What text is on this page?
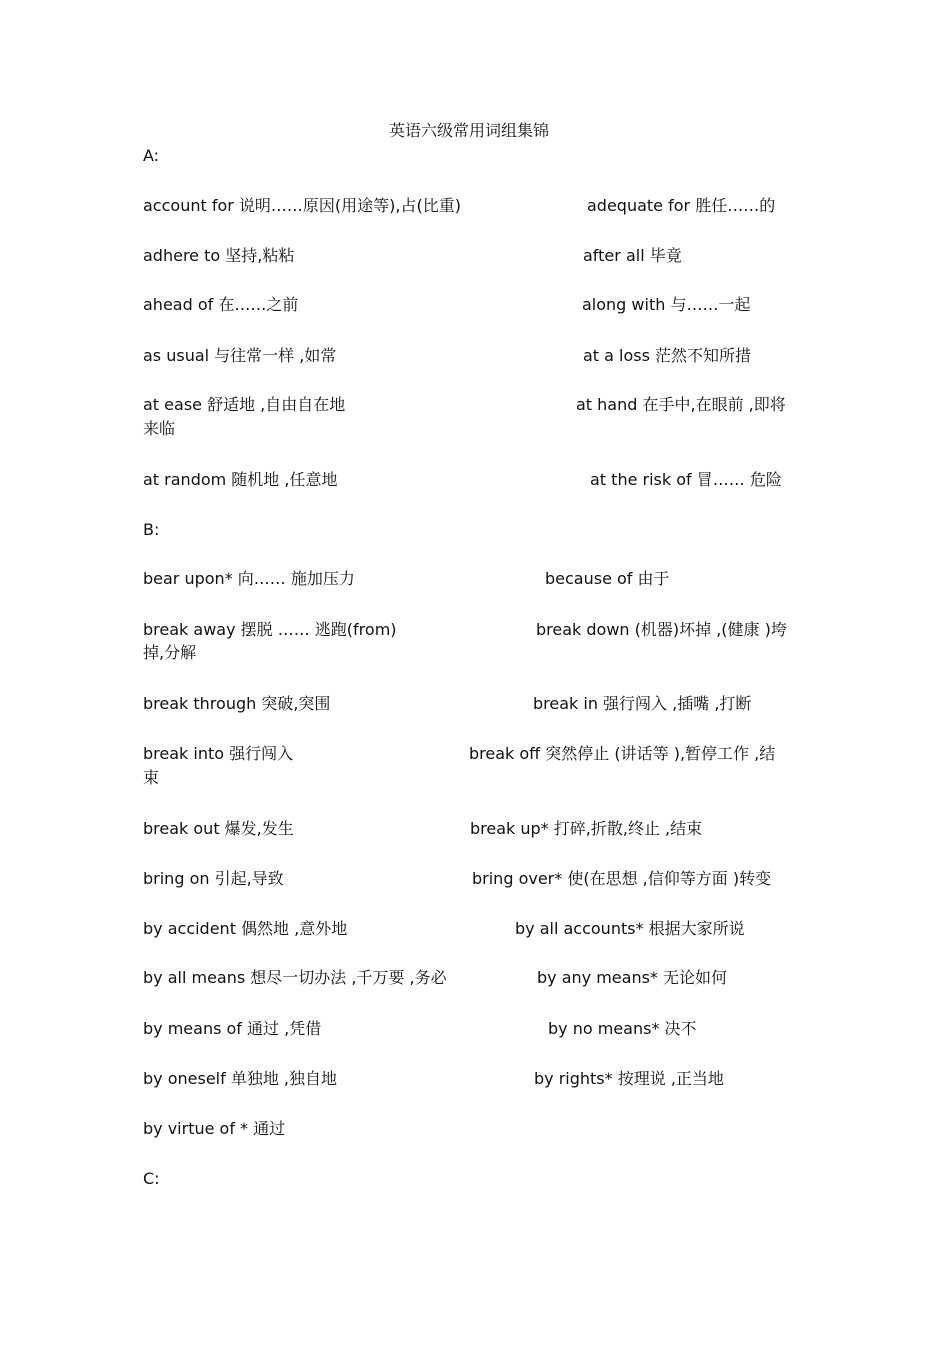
英语六级常用词组集锦
A:
account for 说明……原因(用途等),占(比重)	adequate for 胜任……的
adhere to 坚持,粘粘	after all 毕竟
ahead of 在……之前	along with 与……一起
as usual 与往常一样 ,如常	at a loss 茫然不知所措
at ease 舒适地 ,自由自在地	at hand 在手中,在眼前 ,即将
来临
at random 随机地 ,任意地	at the risk of 冒…… 危险
B:
bear upon* 向…… 施加压力	because of 由于
break away 摆脱 …… 逃跑(from)	break down (机器)坏掉 ,(健康 )垮
掉,分解
break through 突破,突围	break in 强行闯入 ,插嘴 ,打断
break into 强行闯入	break off 突然停止 (讲话等 ),暂停工作 ,结
束
break out 爆发,发生	break up* 打碎,折散,终止 ,结束
bring on 引起,导致	bring over* 使(在思想 ,信仰等方面 )转变
by accident 偶然地 ,意外地	by all accounts* 根据大家所说
by all means 想尽一切办法 ,千万要 ,务必	by any means* 无论如何
by means of 通过 ,凭借	by no means* 决不
by oneself 单独地 ,独自地	by rights* 按理说 ,正当地
by virtue of * 通过
C:
